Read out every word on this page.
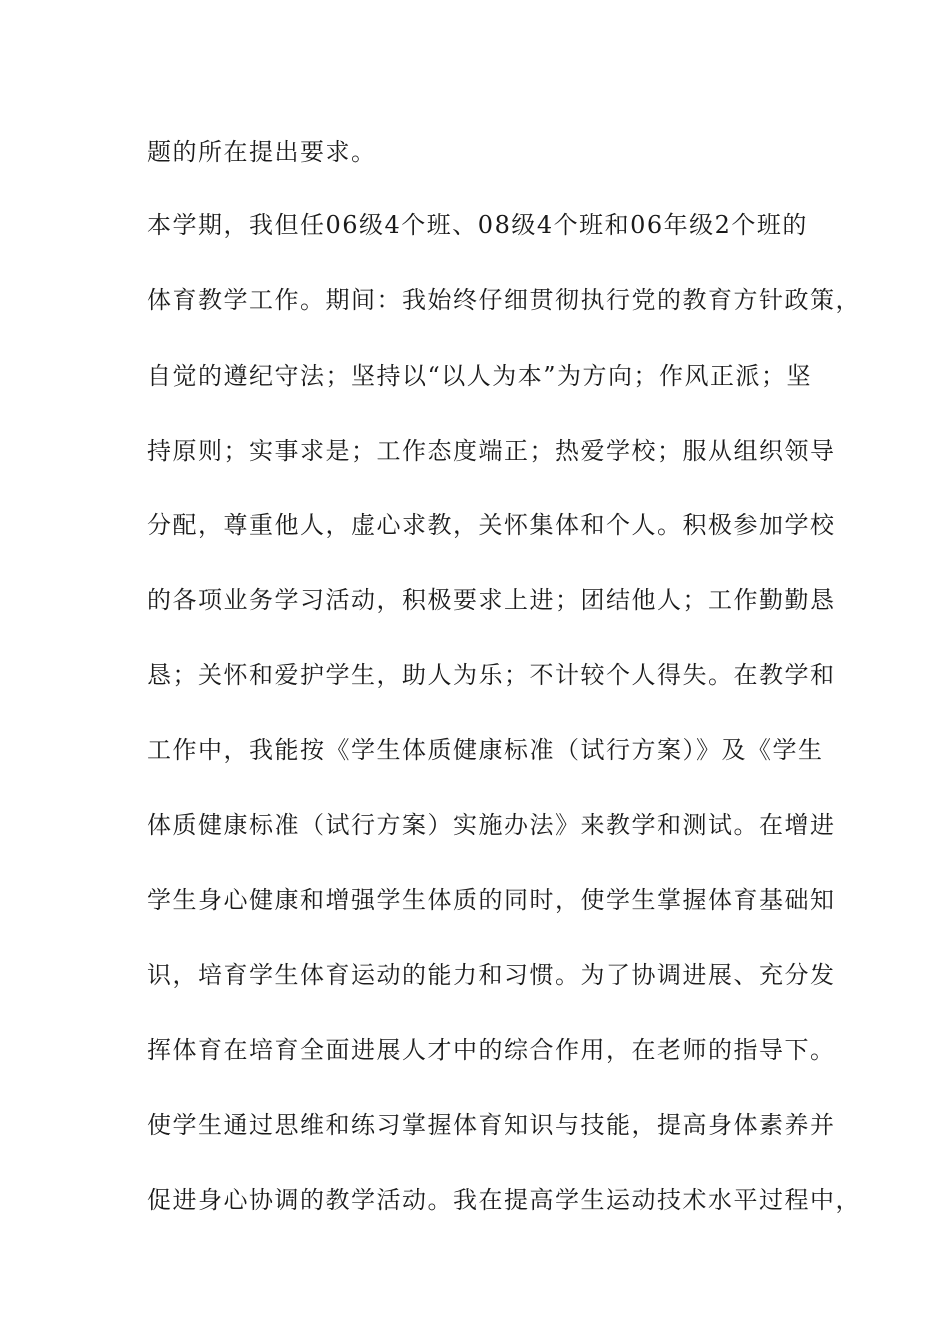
题的所在提出要求。
本学期，我但任06级4个班、08级4个班和06年级2个班的
体育教学工作。期间：我始终仔细贯彻执行党的教育方针政策，
自觉的遵纪守法；坚持以“以人为本”为方向；作风正派；坚
持原则；实事求是；工作态度端正；热爱学校；服从组织领导
分配，尊重他人，虚心求教，关怀集体和个人。积极参加学校
的各项业务学习活动，积极要求上进；团结他人；工作勤勤恳
恳；关怀和爱护学生，助人为乐；不计较个人得失。在教学和
工作中，我能按《学生体质健康标准（试行方案）》及《学生
体质健康标准（试行方案）实施办法》来教学和测试。在增进
学生身心健康和增强学生体质的同时，使学生掌握体育基础知
识，培育学生体育运动的能力和习惯。为了协调进展、充分发
挥体育在培育全面进展人才中的综合作用，在老师的指导下。
使学生通过思维和练习掌握体育知识与技能，提高身体素养并
促进身心协调的教学活动。我在提高学生运动技术水平过程中，
